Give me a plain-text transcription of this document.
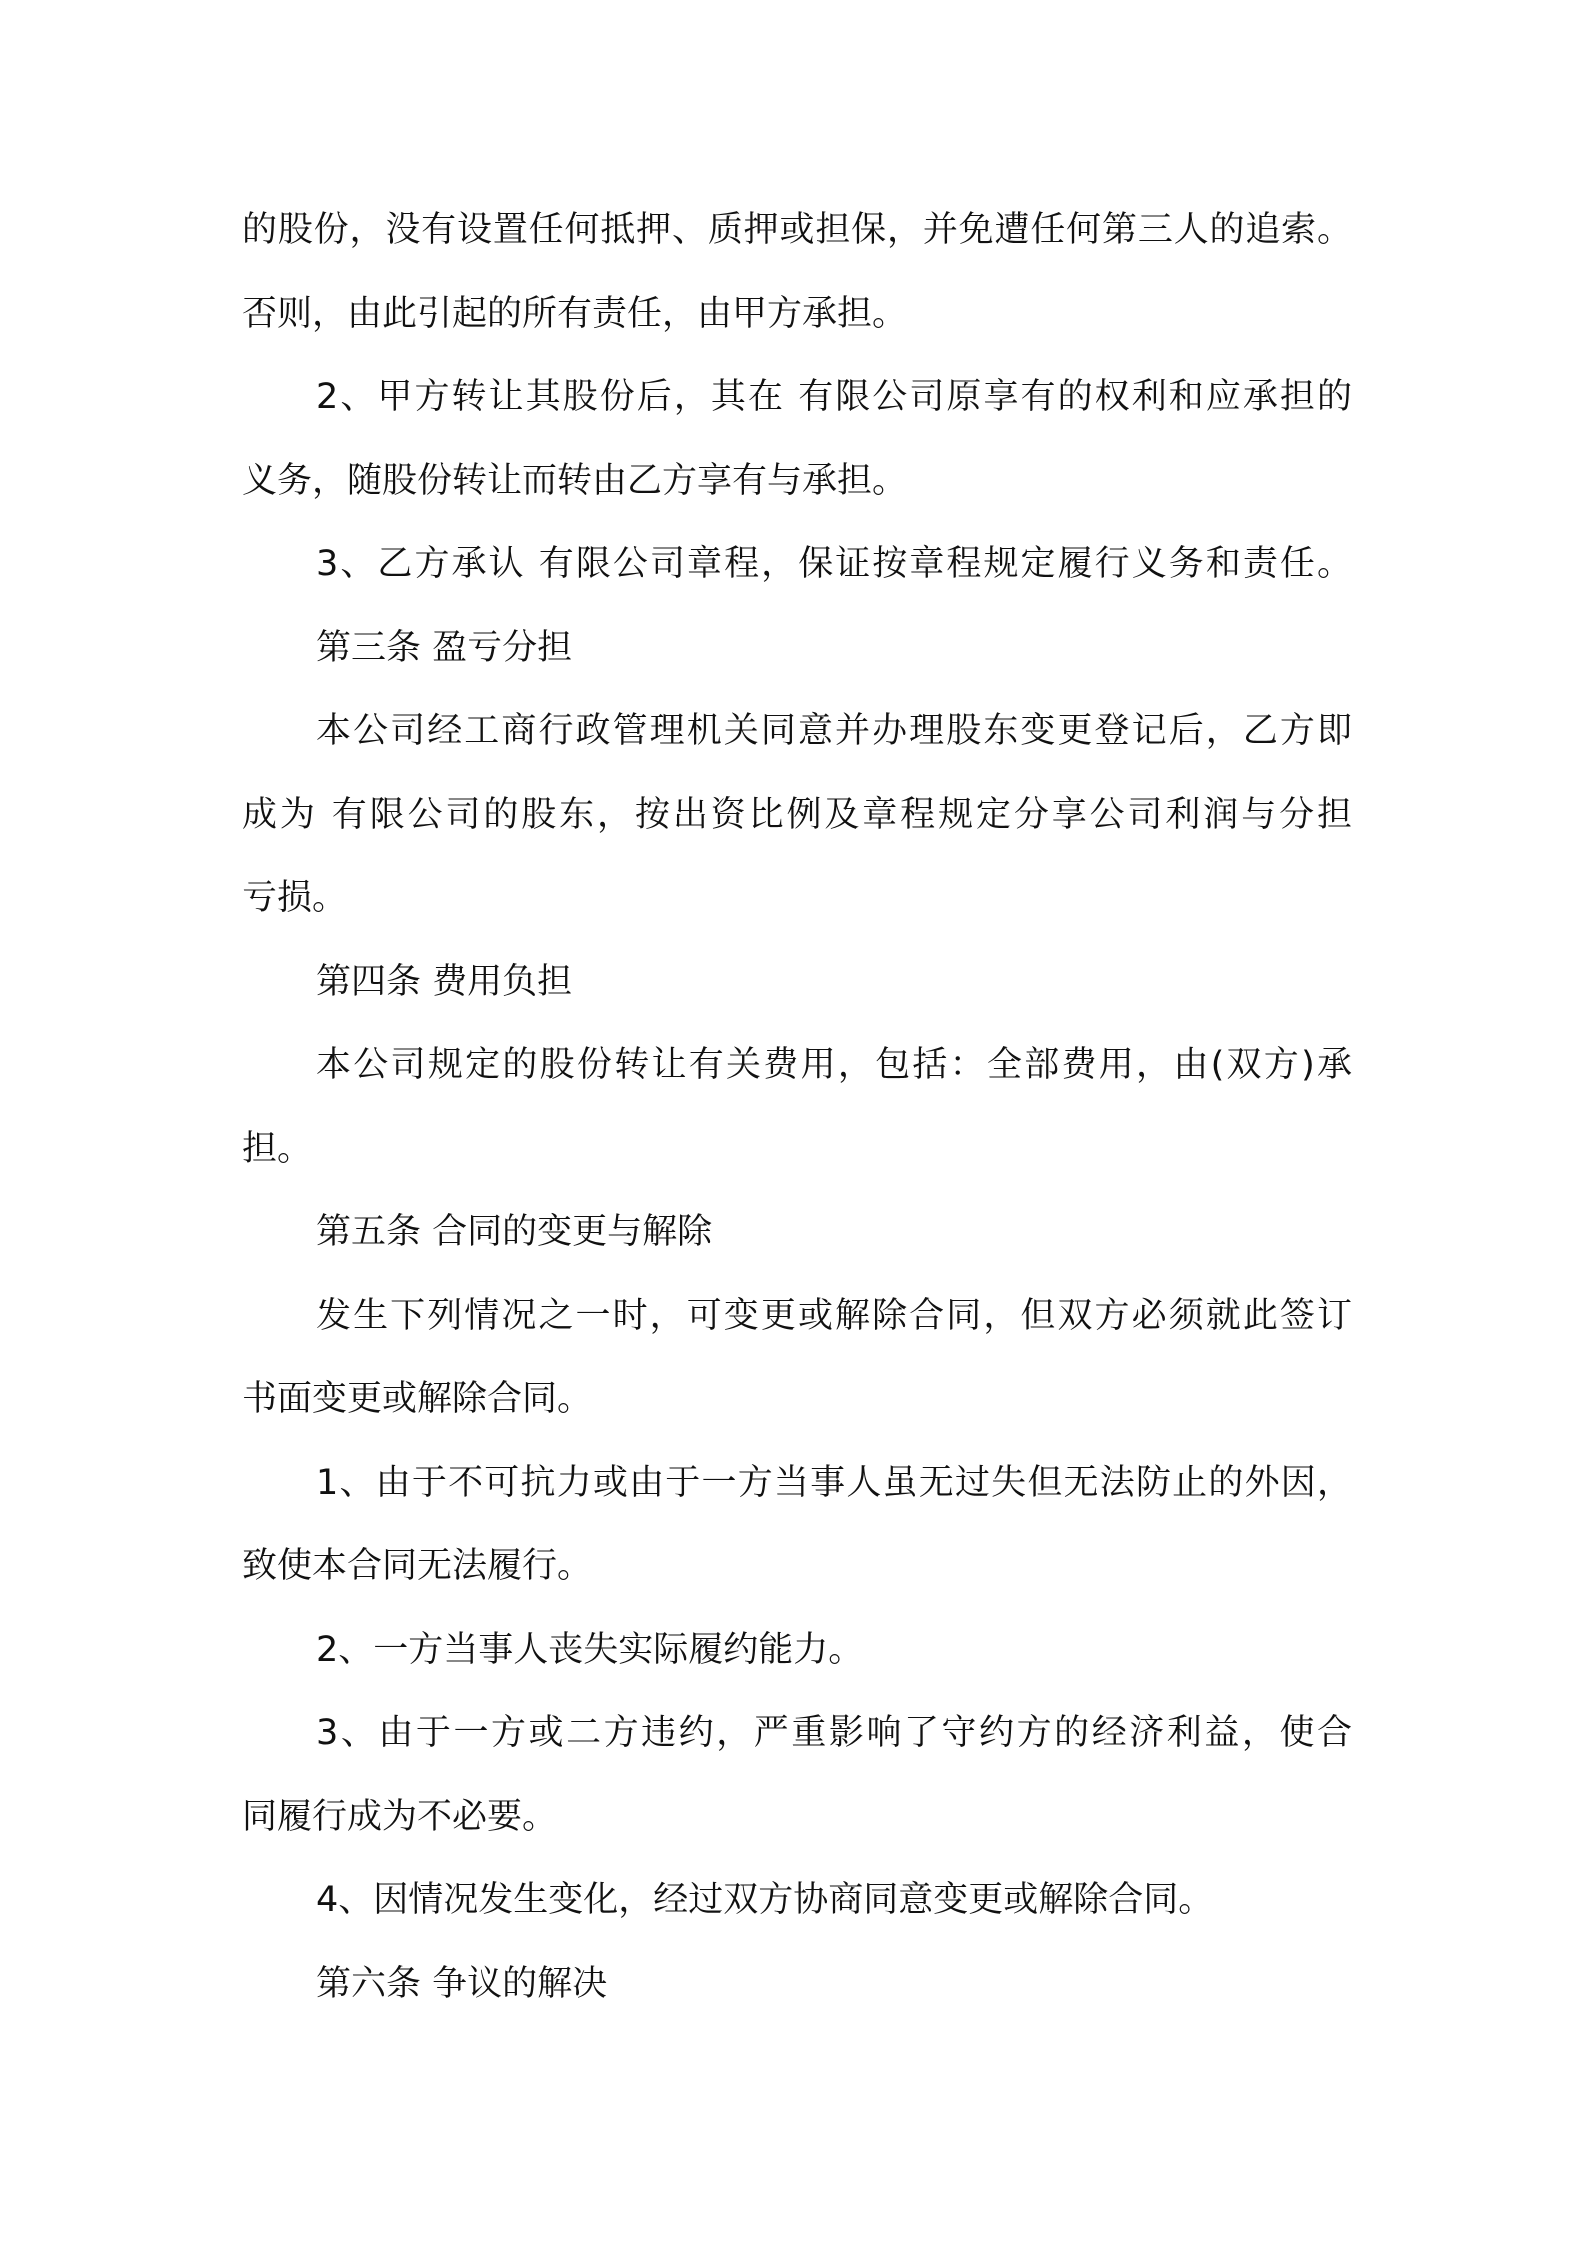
的股份，没有设置任何抵押、质押或担保，并免遭任何第三人的追索。
否则，由此引起的所有责任，由甲方承担。
2、甲方转让其股份后，其在 有限公司原享有的权利和应承担的
义务，随股份转让而转由乙方享有与承担。
3、乙方承认 有限公司章程，保证按章程规定履行义务和责任。
第三条 盈亏分担
本公司经工商行政管理机关同意并办理股东变更登记后，乙方即
成为 有限公司的股东，按出资比例及章程规定分享公司利润与分担
亏损。
第四条 费用负担
本公司规定的股份转让有关费用，包括：全部费用，由(双方)承
担。
第五条 合同的变更与解除
发生下列情况之一时，可变更或解除合同，但双方必须就此签订
书面变更或解除合同。
1、由于不可抗力或由于一方当事人虽无过失但无法防止的外因，
致使本合同无法履行。
2、一方当事人丧失实际履约能力。
3、由于一方或二方违约，严重影响了守约方的经济利益，使合
同履行成为不必要。
4、因情况发生变化，经过双方协商同意变更或解除合同。
第六条 争议的解决
